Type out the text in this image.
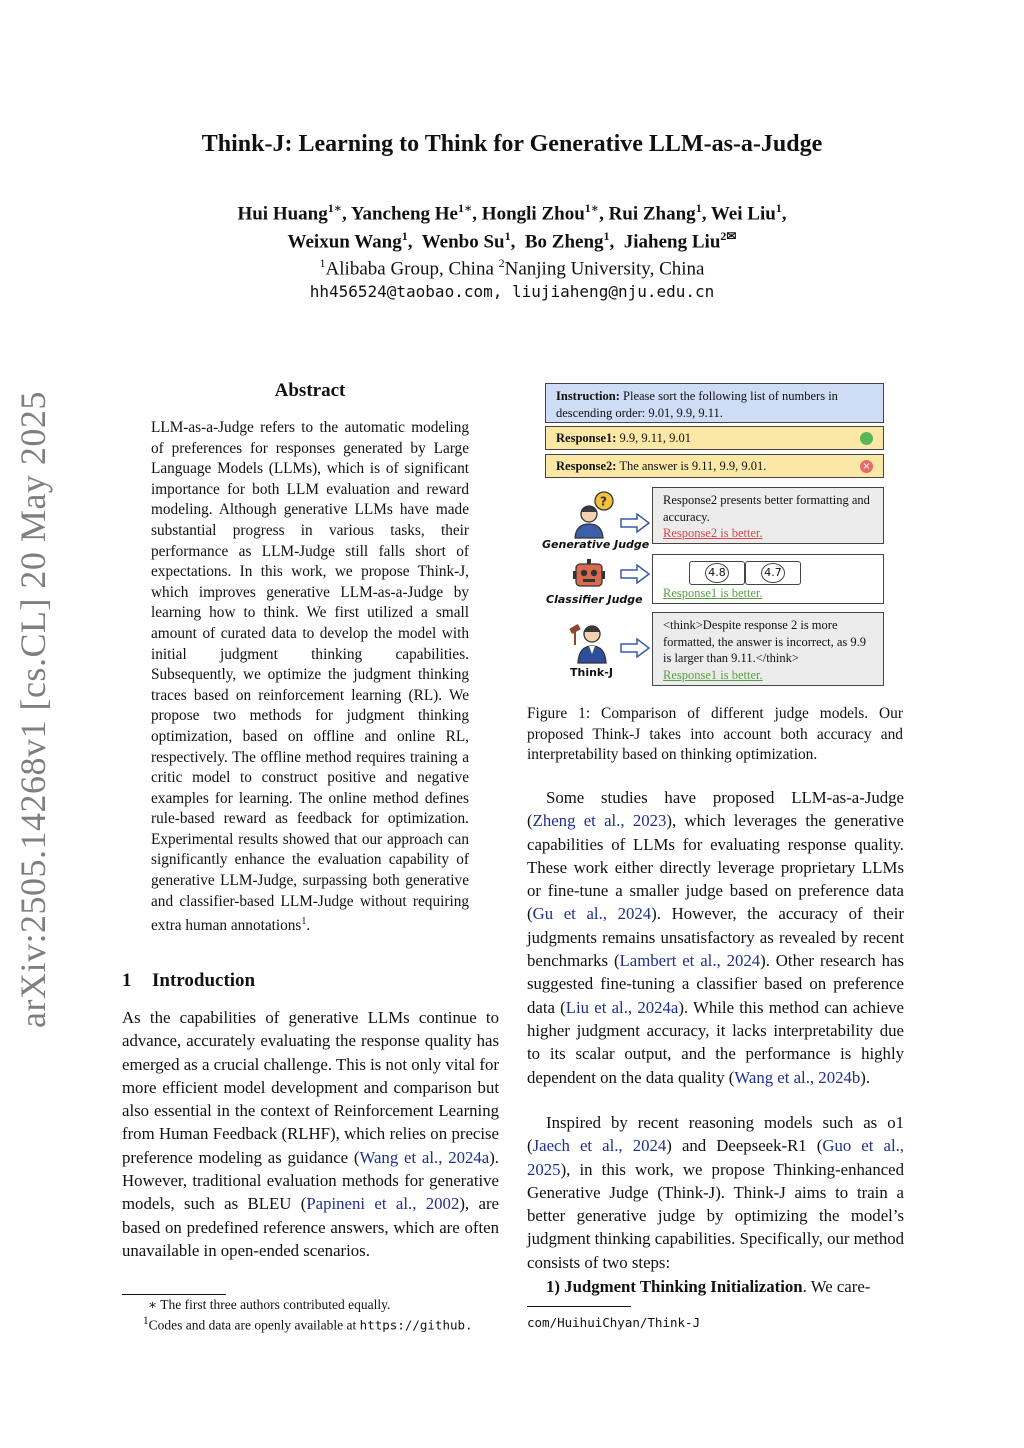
arXiv:2505.14268v1 [cs.CL] 20 May 2025
Think-J: Learning to Think for Generative LLM-as-a-Judge
Hui Huang$^{1∗}$, Yancheng $He^{1∗}$, Hongli Zhou$^{1∗}$, Rui Zhang$^1$, Wei Liu$^1$,
Weixun Wang$^1$,  Wenbo Su$^1$,  Bo Zheng$^1$,  Jiaheng Liu$^{2✉}$
$^1$Alibaba Group, China $^2$Nanjing University, China
hh456524@taobao.com, liujiaheng@nju.edu.cn
Abstract
LLM-as-a-Judge refers to the automatic modeling of preferences for responses generated by Large Language Models (LLMs), which is of significant importance for both LLM evaluation and reward modeling. Although generative LLMs have made substantial progress in various tasks, their performance as LLM-Judge still falls short of expectations. In this work, we propose Think-J, which improves generative LLM-as-a-Judge by learning how to think. We first utilized a small amount of curated data to develop the model with initial judgment thinking capabilities. Subsequently, we optimize the judgment thinking traces based on reinforcement learning (RL). We propose two methods for judgment thinking optimization, based on offline and online RL, respectively. The offline method requires training a critic model to construct positive and negative examples for learning. The online method defines rule-based reward as feedback for optimization. Experimental results showed that our approach can significantly enhance the evaluation capability of generative LLM-Judge, surpassing both generative and classifier-based LLM-Judge without requiring extra human annotations$^1$.
1 Introduction
As the capabilities of generative LLMs continue to advance, accurately evaluating the response quality has emerged as a crucial challenge. This is not only vital for more efficient model development and comparison but also essential in the context of Reinforcement Learning from Human Feedback (RLHF), which relies on precise preference modeling as guidance (Wang et al., 2024a). However, traditional evaluation methods for generative models, such as BLEU (Papineni et al., 2002), are based on predefined reference answers, which are often unavailable in open-ended scenarios.
∗ The first three authors contributed equally.
$^1$Codes and data are openly available at https://github.	com/HuihuiChyan/Think-J
Instruction: Please sort the following list of numbers in descending order: 9.01, 9.9, 9.11.
Response1: 9.9, 9.11, 9.01
Response2: The answer is 9.11, 9.9, 9.01.	×
?
Generative Judge
Response2 presents better formatting and accuracy.
Response2 is better.
Classifier Judge
4.8	4.7
Response1 is better.
Think-J
<think>Despite response 2 is more formatted, the answer is incorrect, as 9.9 is larger than 9.11.</think>
Response1 is better.
Figure 1: Comparison of different judge models. Our proposed Think-J takes into account both accuracy and interpretability based on thinking optimization.
Some studies have proposed LLM-as-a-Judge (Zheng et al., 2023), which leverages the generative capabilities of LLMs for evaluating response quality. These work either directly leverage proprietary LLMs or fine-tune a smaller judge based on preference data (Gu et al., 2024). However, the accuracy of their judgments remains unsatisfactory as revealed by recent benchmarks (Lambert et al., 2024). Other research has suggested fine-tuning a classifier based on preference data (Liu et al., 2024a). While this method can achieve higher judgment accuracy, it lacks interpretability due to its scalar output, and the performance is highly dependent on the data quality (Wang et al., 2024b).
Inspired by recent reasoning models such as o1 (Jaech et al., 2024) and Deepseek-R1 (Guo et al., 2025), in this work, we propose Thinking-enhanced Generative Judge (Think-J). Think-J aims to train a better generative judge by optimizing the model’s judgment thinking capabilities. Specifically, our method consists of two steps:
1) Judgment Thinking Initialization. We care-
